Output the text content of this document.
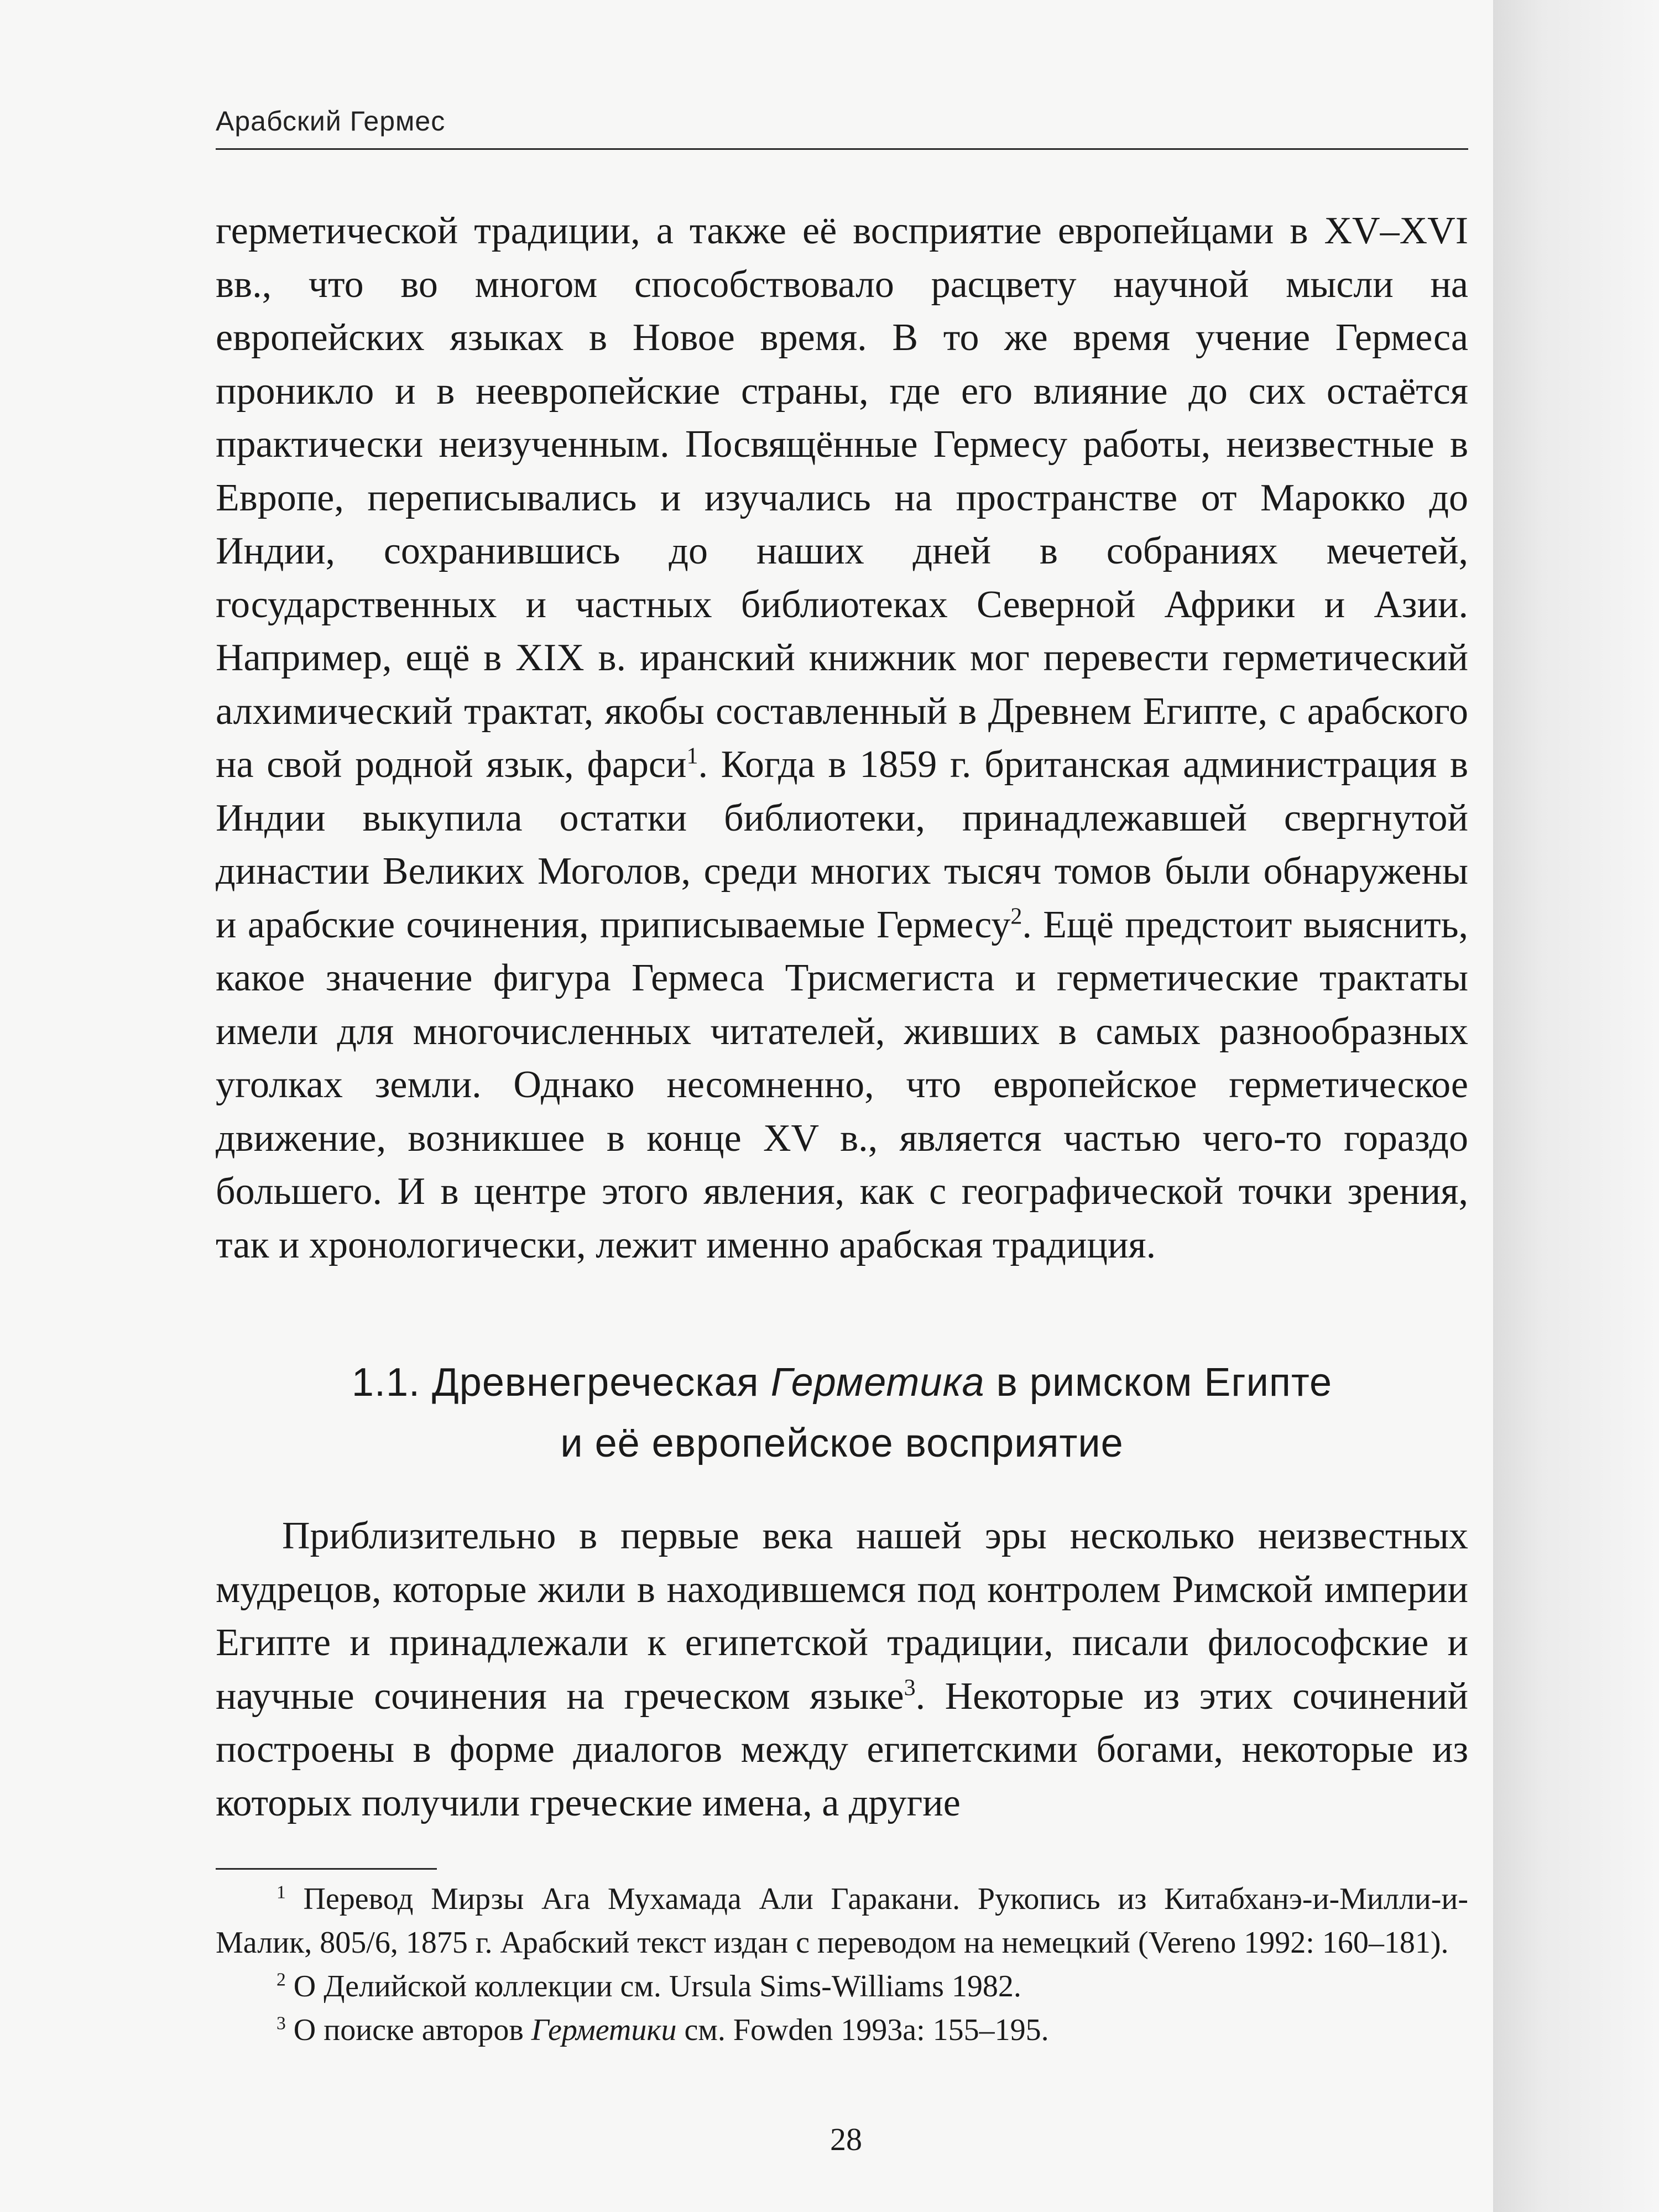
Арабский Гермес

герметической традиции, а также её восприятие европейцами в XV–XVI вв., что во многом способствовало расцвету научной мысли на европейских языках в Новое время. В то же время учение Гермеса проникло и в неевропейские страны, где его влияние до сих остаётся практически неизученным. Посвящённые Гермесу работы, неизвестные в Европе, переписывались и изучались на пространстве от Марокко до Индии, сохранившись до наших дней в собраниях мечетей, государственных и частных библиотеках Северной Африки и Азии. Например, ещё в XIX в. иранский книжник мог перевести герметический алхимический трактат, якобы составленный в Древнем Египте, с арабского на свой родной язык, фарси$^1$. Когда в 1859 г. британская администрация в Индии выкупила остатки библиотеки, принадлежавшей свергнутой династии Великих Моголов, среди многих тысяч томов были обнаружены и арабские сочинения, приписываемые Гермесу$^2$. Ещё предстоит выяснить, какое значение фигура Гермеса Трисмегиста и герметические трактаты имели для многочисленных читателей, живших в самых разнообразных уголках земли. Однако несомненно, что европейское герметическое движение, возникшее в конце XV в., является частью чего-то гораздо большего. И в центре этого явления, как с географической точки зрения, так и хронологически, лежит именно арабская традиция.

1.1. Древнегреческая Герметика в римском Египте
и её европейское восприятие

Приблизительно в первые века нашей эры несколько неизвестных мудрецов, которые жили в находившемся под контролем Римской империи Египте и принадлежали к египетской традиции, писали философские и научные сочинения на греческом языке$^3$. Некоторые из этих сочинений построены в форме диалогов между египетскими богами, некоторые из которых получили греческие имена, а другие

$^1$ Перевод Мирзы Ага Мухамада Али Гаракани. Рукопись из Китабханэ-и-Милли-и-Малик, 805/6, 1875 г. Арабский текст издан с переводом на немецкий (Vereno 1992: 160–181).

$^2$ О Делийской коллекции см. Ursula Sims-Williams 1982.

$^3$ О поиске авторов Герметики см. Fowden 1993а: 155–195.

28
